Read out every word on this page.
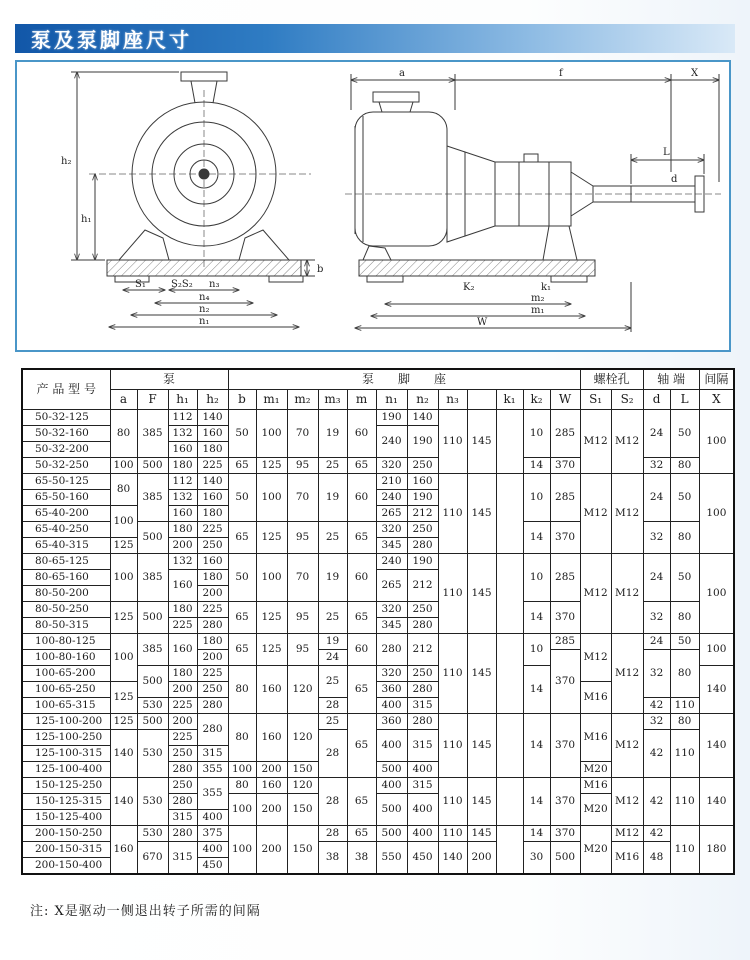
泵及泵脚座尺寸
h₂
h₁
S₁	S₂S₂ n₃
n₄
n₂
n₁
b
a	f	X
L
d
K₂	k₁
m₂
m₁
W
产 品 型 号	泵				泵　　脚　　座												螺栓孔		轴 端		间隔
	a	F	h₁	h₂	b	m₁	m₂	m₃	m	n₁	n₂	n₃		k₁	k₂	W	S₁	S₂	d	L	X
50-32-125	80	385	112	140	50	100	70	19	60	190	140	110	145		10	285	M12	M12	24	50	100
50-32-160			132	160						240	190										
50-32-200			160	180																	
50-32-250	100	500	180	225	65	125	95	25	65	320	250				14	370			32	80	
65-50-125	80	385	112	140	50	100	70	19	60	210	160	110	145		10	285	M12	M12	24	50	100
65-50-160			132	160						240	190										
65-40-200	100		160	180						265	212										
65-40-250		500	180	225	65	125	95	25	65	320	250				14	370			32	80	
65-40-315	125		200	250						345	280										
80-65-125	100	385	132	160	50	100	70	19	60	240	190	110	145		10	285	M12	M12	24	50	100
80-65-160			160	180						265	212										
80-50-200				200																	
80-50-250	125	500	180	225	65	125	95	25	65	320	250				14	370			32	80	
80-50-315			225	280						345	280										
100-80-125	100	385	160	180	65	125	95	19	60	280	212	110	145		10	285	M12	M12	24	50	100
100-80-160				200				24								370			32	80	
100-65-200		500	180	225	80	160	120	25	65	320	250				14						140
100-65-250	125		200	250						360	280						M16				
100-65-315		530	225	280				28		400	315								42	110	
125-100-200	125	500	200	280	80	160	120	25	65	360	280	110	145		14	370	M16	M12	32	80	140
125-100-250	140	530	225					28		400	315								42	110	
125-100-315			250	315																	
125-100-400			280	355	100	200	150			500	400						M20				
150-125-250	140	530	250	355	80	160	120	28	65	400	315	110	145		14	370	M16	M12	42	110	140
150-125-315			280		100	200	150			500	400						M20				
150-125-400			315	400																	
200-150-250	160	530	280	375	100	200	150	28	65	500	400	110	145		14	370	M20	M12	42	110	180
200-150-315		670	315	400				38	38	550	450	140	200		30	500		M16	48		
200-150-400				450																	
注: X是驱动一侧退出转子所需的间隔
